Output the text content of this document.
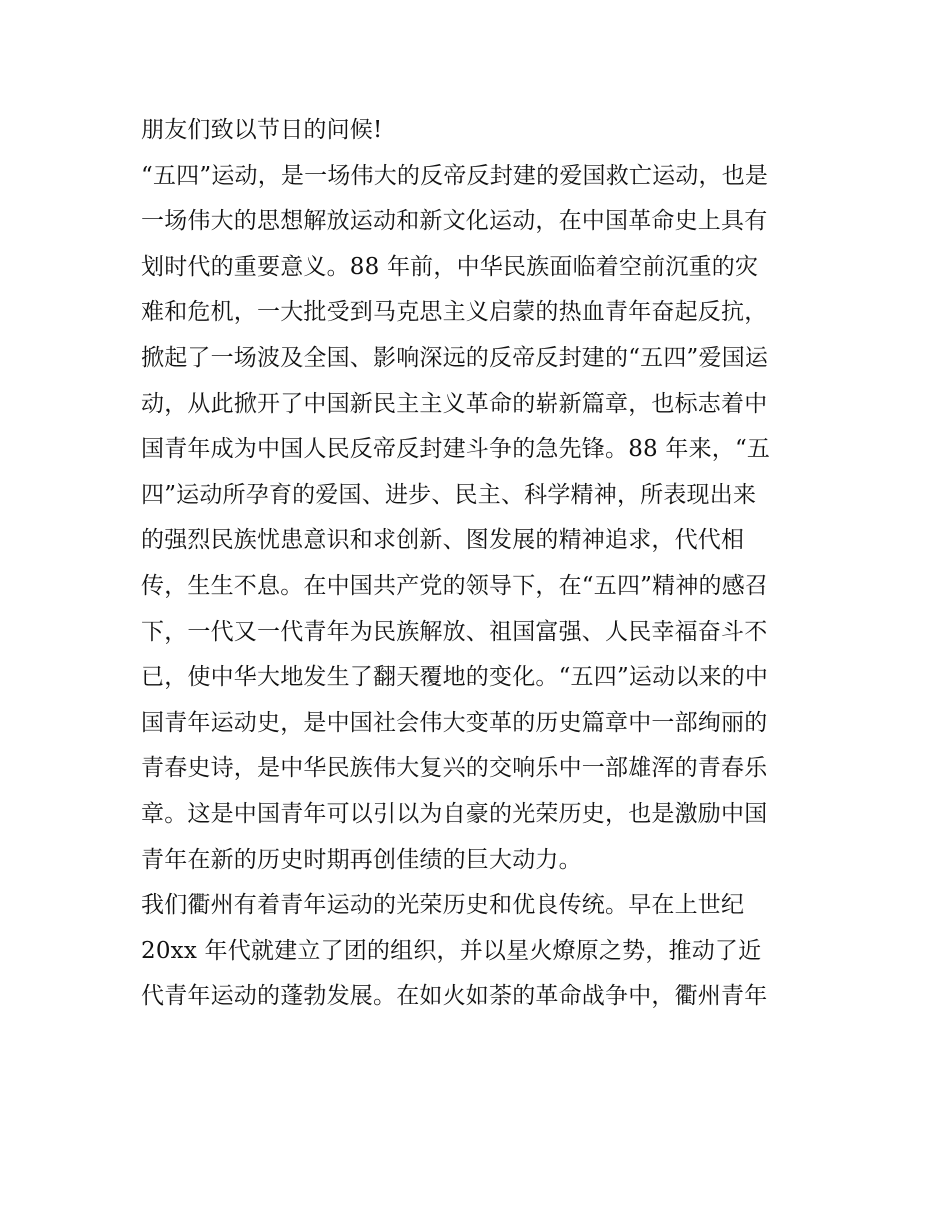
朋友们致以节日的问候!
“五四”运动，是一场伟大的反帝反封建的爱国救亡运动，也是
一场伟大的思想解放运动和新文化运动，在中国革命史上具有
划时代的重要意义。88 年前，中华民族面临着空前沉重的灾
难和危机，一大批受到马克思主义启蒙的热血青年奋起反抗，
掀起了一场波及全国、影响深远的反帝反封建的“五四”爱国运
动，从此掀开了中国新民主主义革命的崭新篇章，也标志着中
国青年成为中国人民反帝反封建斗争的急先锋。88 年来，“五
四”运动所孕育的爱国、进步、民主、科学精神，所表现出来
的强烈民族忧患意识和求创新、图发展的精神追求，代代相
传，生生不息。在中国共产党的领导下，在“五四”精神的感召
下，一代又一代青年为民族解放、祖国富强、人民幸福奋斗不
已，使中华大地发生了翻天覆地的变化。“五四”运动以来的中
国青年运动史，是中国社会伟大变革的历史篇章中一部绚丽的
青春史诗，是中华民族伟大复兴的交响乐中一部雄浑的青春乐
章。这是中国青年可以引以为自豪的光荣历史，也是激励中国
青年在新的历史时期再创佳绩的巨大动力。
我们衢州有着青年运动的光荣历史和优良传统。早在上世纪
20xx 年代就建立了团的组织，并以星火燎原之势，推动了近
代青年运动的蓬勃发展。在如火如荼的革命战争中，衢州青年
